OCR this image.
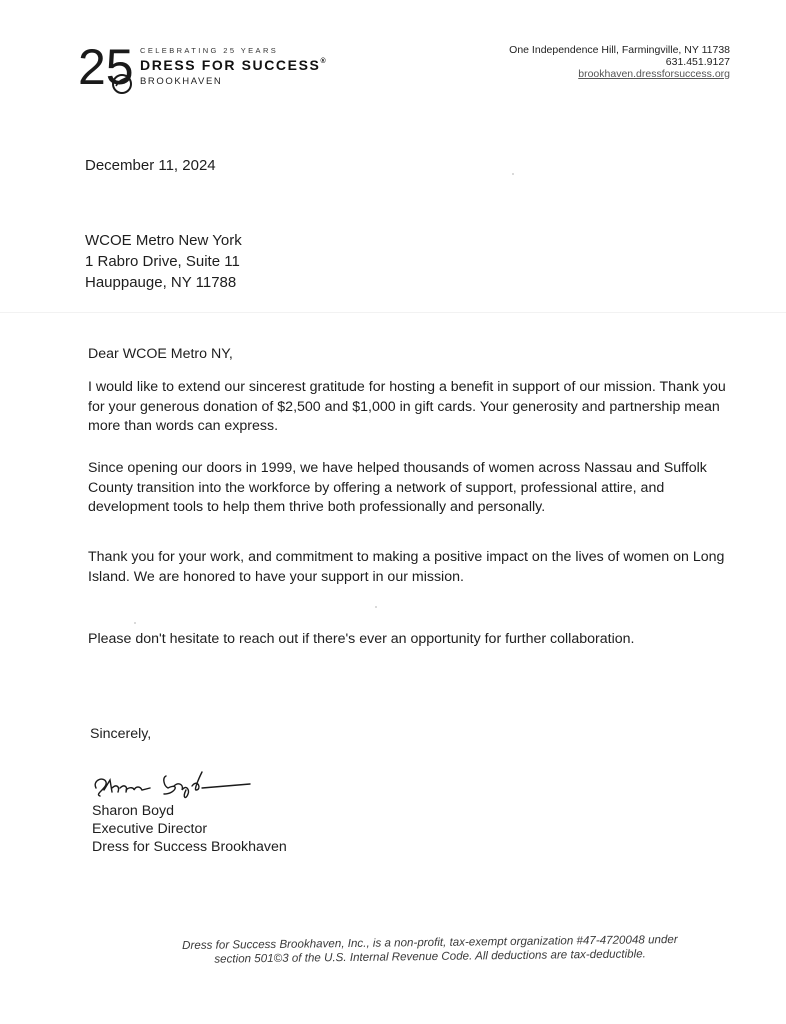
25 CELEBRATING 25 YEARS
DRESS FOR SUCCESS®
BROOKHAVEN
One Independence Hill, Farmingville, NY 11738
631.451.9127
brookhaven.dressforsuccess.org
December 11, 2024
WCOE Metro New York
1 Rabro Drive, Suite 11
Hauppauge, NY 11788
Dear WCOE Metro NY,
I would like to extend our sincerest gratitude for hosting a benefit in support of our mission. Thank you for your generous donation of $2,500 and $1,000 in gift cards. Your generosity and partnership mean more than words can express.
Since opening our doors in 1999, we have helped thousands of women across Nassau and Suffolk County transition into the workforce by offering a network of support, professional attire, and development tools to help them thrive both professionally and personally.
Thank you for your work, and commitment to making a positive impact on the lives of women on Long Island. We are honored to have your support in our mission.
Please don't hesitate to reach out if there's ever an opportunity for further collaboration.
Sincerely,
Sharon Boyd
Executive Director
Dress for Success Brookhaven
Dress for Success Brookhaven, Inc., is a non-profit, tax-exempt organization #47-4720048 under
section 501©3 of the U.S. Internal Revenue Code. All deductions are tax-deductible.
